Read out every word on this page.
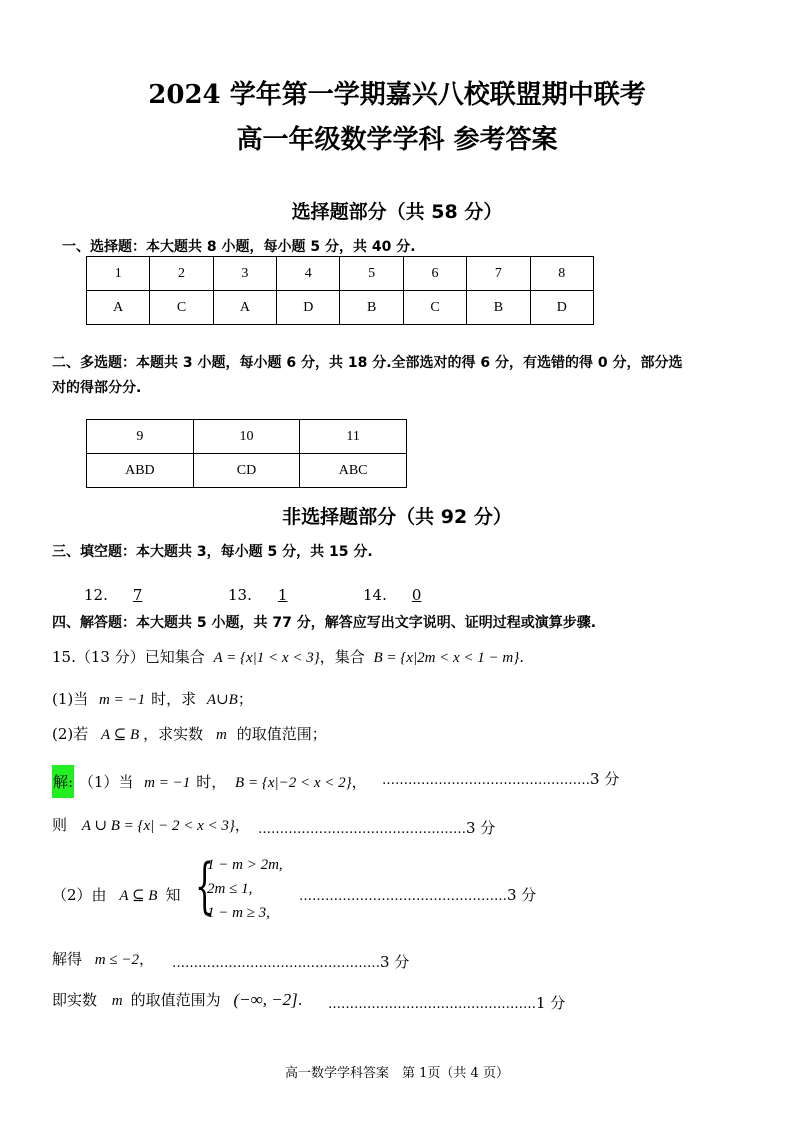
2024 学年第一学期嘉兴八校联盟期中联考
高一年级数学学科 参考答案
选择题部分（共 58 分）
一、选择题：本大题共 8 小题，每小题 5 分，共 40 分.
1	2	3	4	5	6	7	8
A	C	A	D	B	C	B	D
二、多选题：本题共 3 小题，每小题 6 分，共 18 分.全部选对的得 6 分，有选错的得 0 分，部分选
对的得部分分.
9	10	11
ABD	CD	ABC
非选择题部分（共 92 分）
三、填空题：本大题共 3，每小题 5 分，共 15 分.
12. 7	13. 1	14. 0
四、解答题：本大题共 5 小题，共 77 分，解答应写出文字说明、证明过程或演算步骤.
15.（13 分）已知集合 A = {x|1 < x < 3}，集合 B = {x|2m < x < 1 − m}.
(1)当 m = −1 时，求 A∪B；
(2)若 A ⊆ B ，求实数 m 的取值范围；
解: （1）当 m = −1 时， B = {x|−2 < x < 2}， …………………………………………3 分
则 A ∪ B = {x| − 2 < x < 3}， …………………………………………3 分
（2）由 A ⊆ B 知 {
1 − m > 2m,
2m ≤ 1,
1 − m ≥ 3,
…………………………………………3 分
解得 m ≤ −2， …………………………………………3 分
即实数 m 的取值范围为 (−∞, −2]. …………………………………………1 分
高一数学学科答案　第 1页（共 4 页）
